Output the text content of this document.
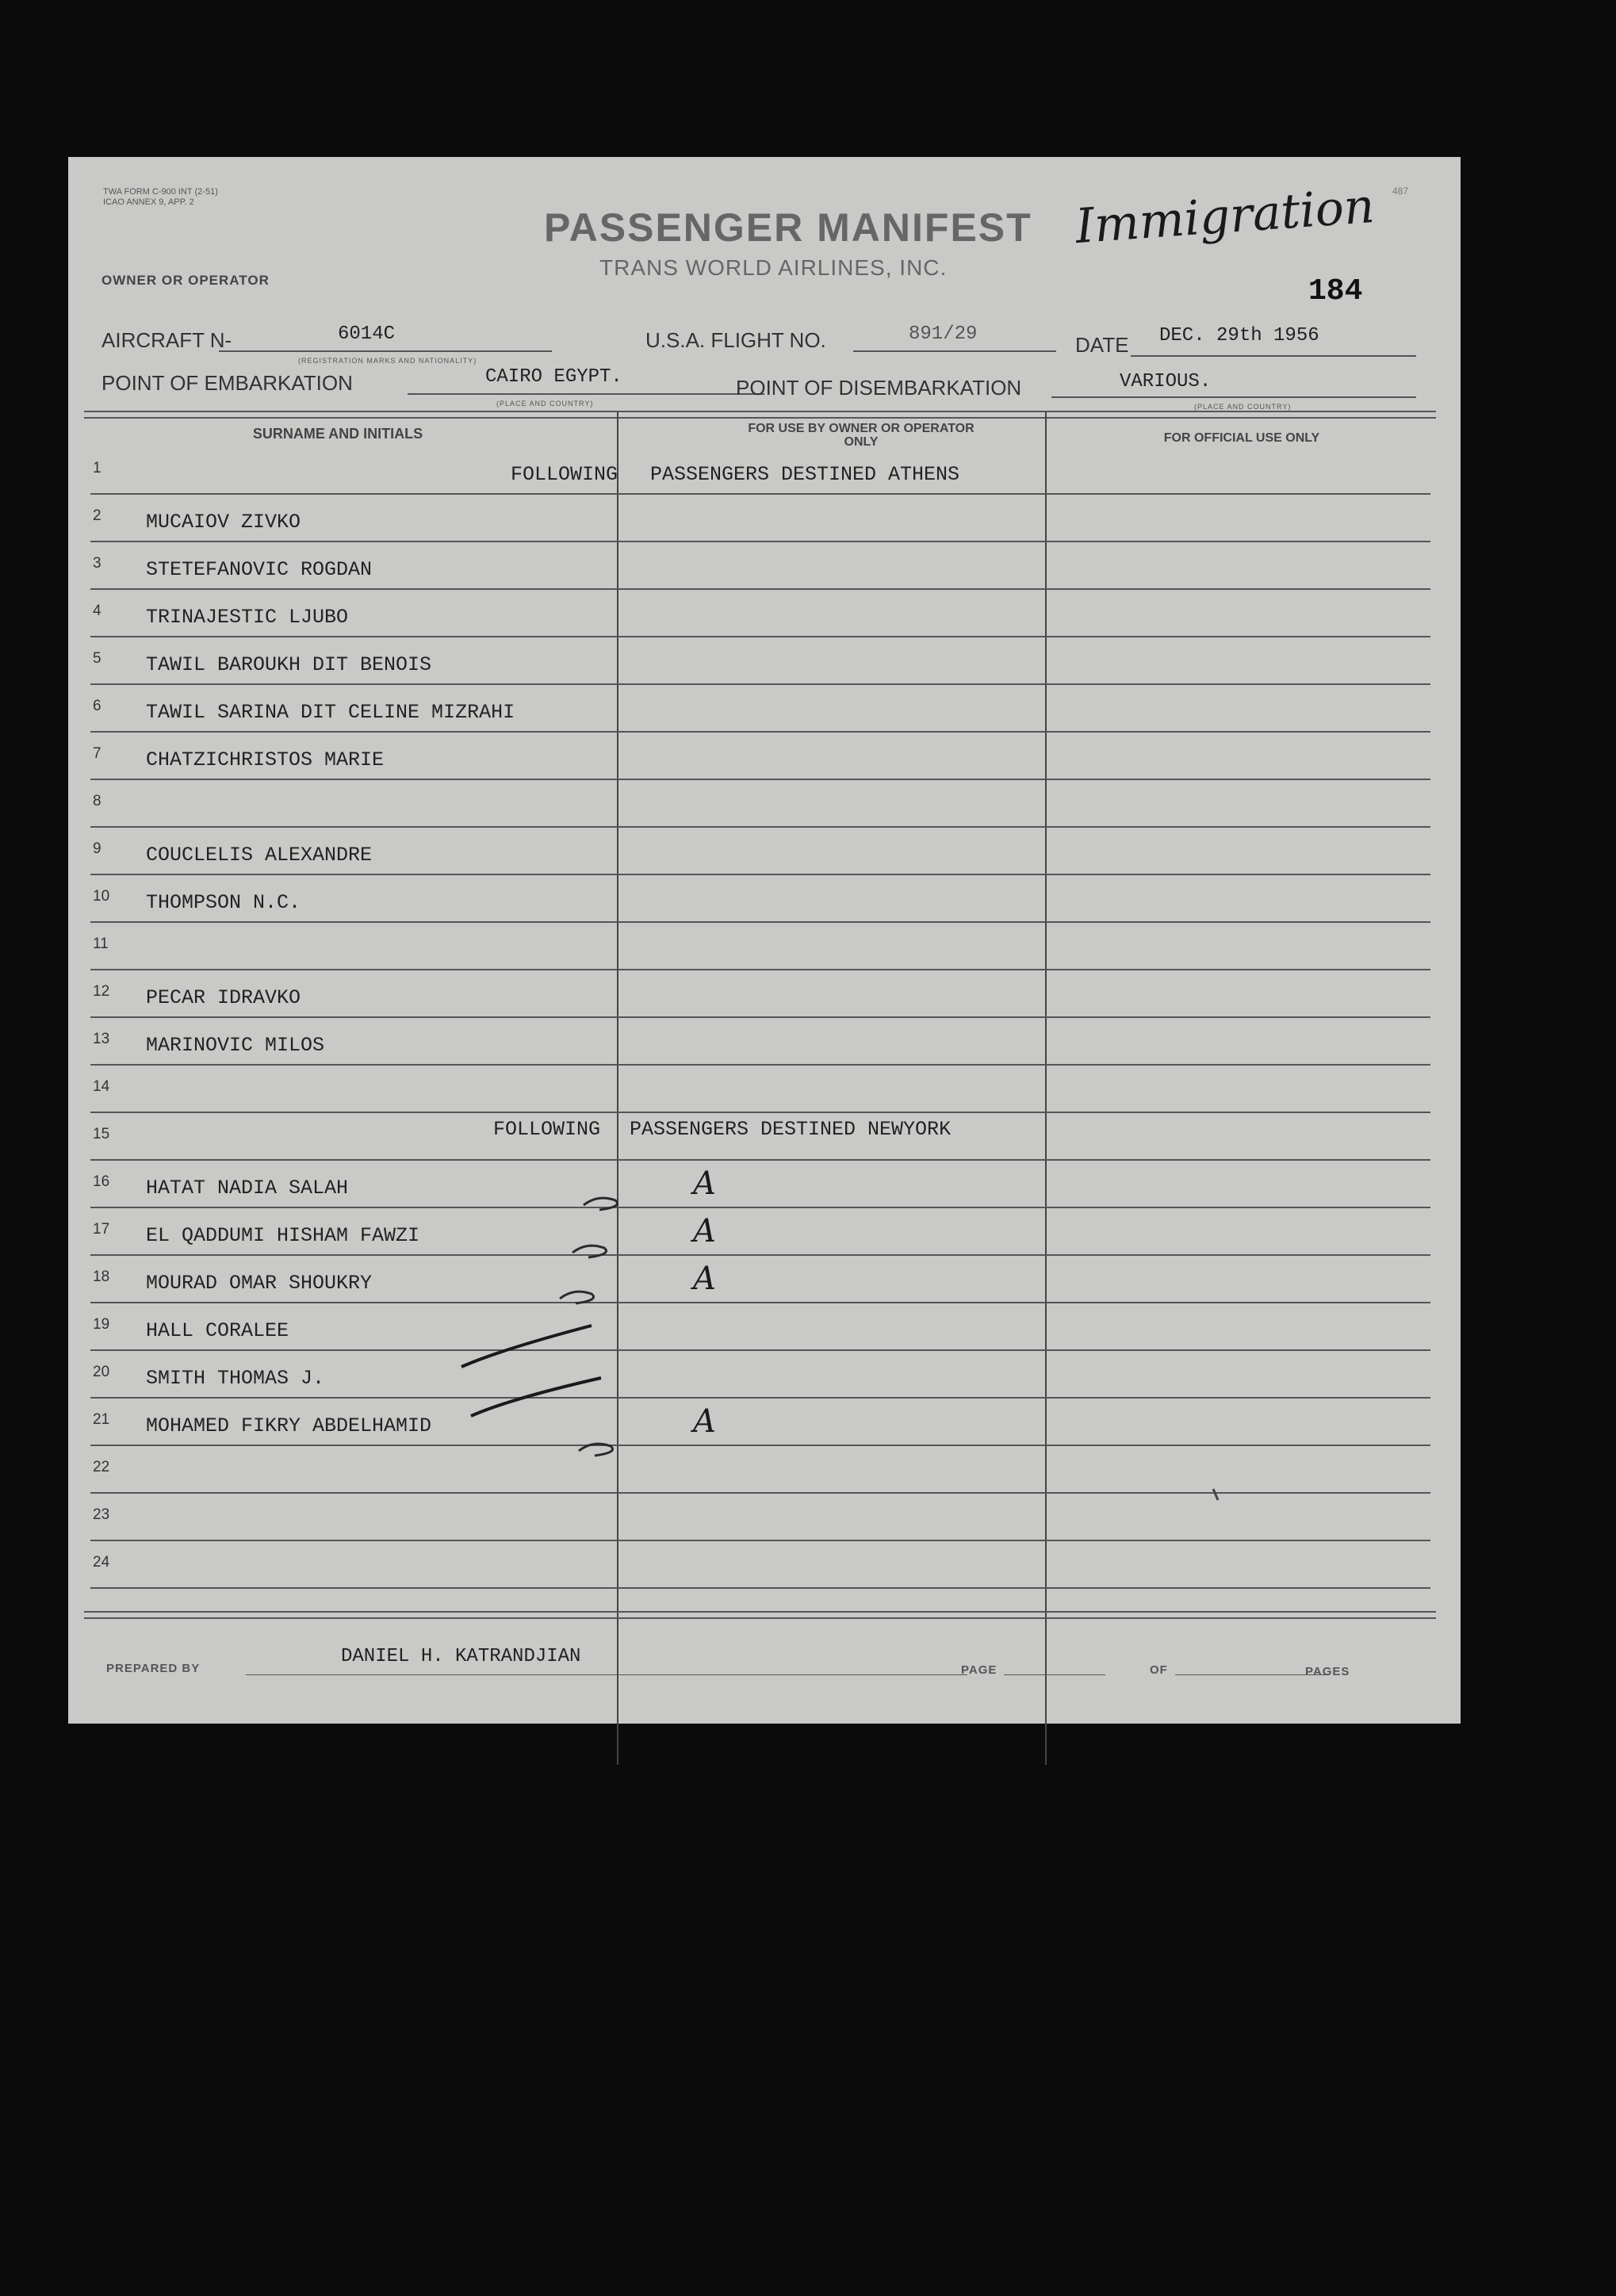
TWA FORM C-900 INT (2-51)
ICAO ANNEX 9, APP. 2
OWNER OR OPERATOR
PASSENGER MANIFEST
TRANS WORLD AIRLINES, INC.
Immigration 487
184
AIRCRAFT N-	6014C
(REGISTRATION MARKS AND NATIONALITY)
U.S.A. FLIGHT NO.	891/29	DATE DEC. 29th 1956
POINT OF EMBARKATION	CAIRO EGYPT.
(PLACE AND COUNTRY)
POINT OF DISEMBARKATION	VARIOUS.
(PLACE AND COUNTRY)
SURNAME AND INITIALS	FOR USE BY OWNER OR OPERATOR ONLY	FOR OFFICIAL USE ONLY
1	FOLLOWING PASSENGERS DESTINED ATHENS
2 MUCAIOV ZIVKO
3 STETEFANOVIC ROGDAN
4 TRINAJESTIC LJUBO
5 TAWIL BAROUKH DIT BENOIS
6 TAWIL SARINA DIT CELINE MIZRAHI
7 CHATZICHRISTOS MARIE
8
9 COUCLELIS ALEXANDRE
10 THOMPSON N.C.
11
12 PECAR IDRAVKO
13 MARINOVIC MILOS
14
15	FOLLOWING PASSENGERS DESTINED NEWYORK
16 HATAT NADIA SALAH	A
17 EL QADDUMI HISHAM FAWZI	A
18 MOURAD OMAR SHOUKRY	A
19 HALL CORALEE
20 SMITH THOMAS J.
21 MOHAMED FIKRY ABDELHAMID	A
22
23
24
PREPARED BY
DANIEL H. KATRANDJIAN
PAGE	OF	PAGES
